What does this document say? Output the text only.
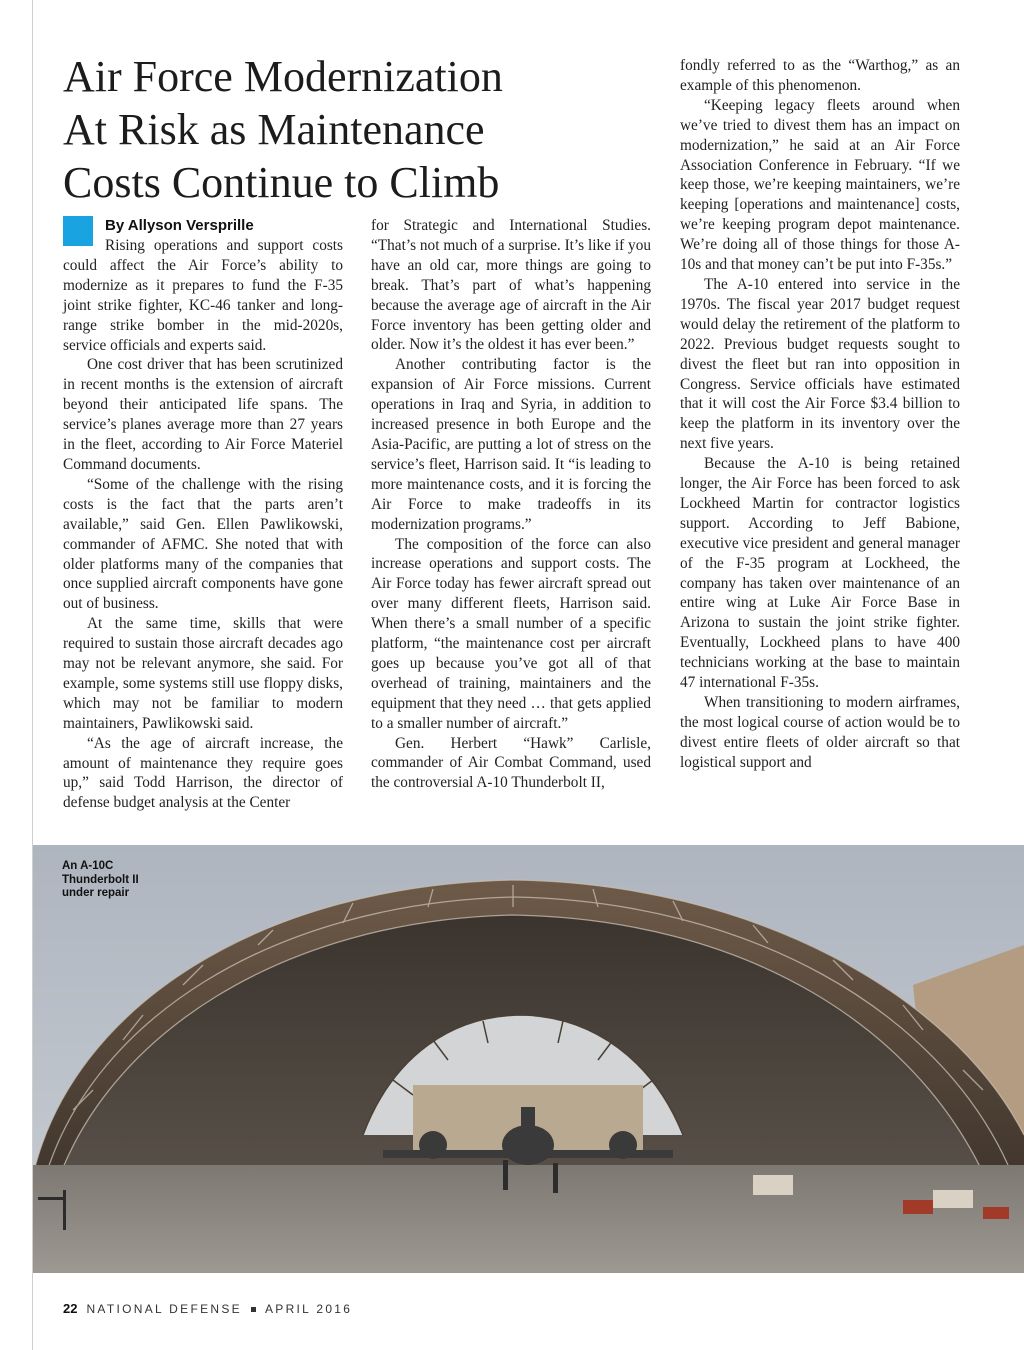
Air Force Modernization
At Risk as Maintenance
Costs Continue to Climb
By Allyson Versprille

Rising operations and support costs could affect the Air Force’s ability to modernize as it prepares to fund the F-35 joint strike fighter, KC-46 tanker and long-range strike bomber in the mid-2020s, service officials and experts said.

One cost driver that has been scrutinized in recent months is the extension of aircraft beyond their anticipated life spans. The service’s planes average more than 27 years in the fleet, according to Air Force Materiel Command documents.

“Some of the challenge with the rising costs is the fact that the parts aren’t available,” said Gen. Ellen Pawlikowski, commander of AFMC. She noted that with older platforms many of the companies that once supplied aircraft components have gone out of business.

At the same time, skills that were required to sustain those aircraft decades ago may not be relevant anymore, she said. For example, some systems still use floppy disks, which may not be familiar to modern maintainers, Pawlikowski said.

“As the age of aircraft increase, the amount of maintenance they require goes up,” said Todd Harrison, the director of defense budget analysis at the Center

for Strategic and International Studies. “That’s not much of a surprise. It’s like if you have an old car, more things are going to break. That’s part of what’s happening because the average age of aircraft in the Air Force inventory has been getting older and older. Now it’s the oldest it has ever been.”

Another contributing factor is the expansion of Air Force missions. Current operations in Iraq and Syria, in addition to increased presence in both Europe and the Asia-Pacific, are putting a lot of stress on the service’s fleet, Harrison said. It “is leading to more maintenance costs, and it is forcing the Air Force to make tradeoffs in its modernization programs.”

The composition of the force can also increase operations and support costs. The Air Force today has fewer aircraft spread out over many different fleets, Harrison said. When there’s a small number of a specific platform, “the maintenance cost per aircraft goes up because you’ve got all of that overhead of training, maintainers and the equipment that they need … that gets applied to a smaller number of aircraft.”

Gen. Herbert “Hawk” Carlisle, commander of Air Combat Command, used the controversial A-10 Thunderbolt II,

fondly referred to as the “Warthog,” as an example of this phenomenon.

“Keeping legacy fleets around when we’ve tried to divest them has an impact on modernization,” he said at an Air Force Association Conference in February. “If we keep those, we’re keeping maintainers, we’re keeping [operations and maintenance] costs, we’re keeping program depot maintenance. We’re doing all of those things for those A-10s and that money can’t be put into F-35s.”

The A-10 entered into service in the 1970s. The fiscal year 2017 budget request would delay the retirement of the platform to 2022. Previous budget requests sought to divest the fleet but ran into opposition in Congress. Service officials have estimated that it will cost the Air Force $3.4 billion to keep the platform in its inventory over the next five years.

Because the A-10 is being retained longer, the Air Force has been forced to ask Lockheed Martin for contractor logistics support. According to Jeff Babione, executive vice president and general manager of the F-35 program at Lockheed, the company has taken over maintenance of an entire wing at Luke Air Force Base in Arizona to sustain the joint strike fighter. Eventually, Lockheed plans to have 400 technicians working at the base to maintain 47 international F-35s.

When transitioning to modern airframes, the most logical course of action would be to divest entire fleets of older aircraft so that logistical support and

An A-10C
Thunderbolt II
under repair
22 NATIONAL DEFENSE APRIL 2016
